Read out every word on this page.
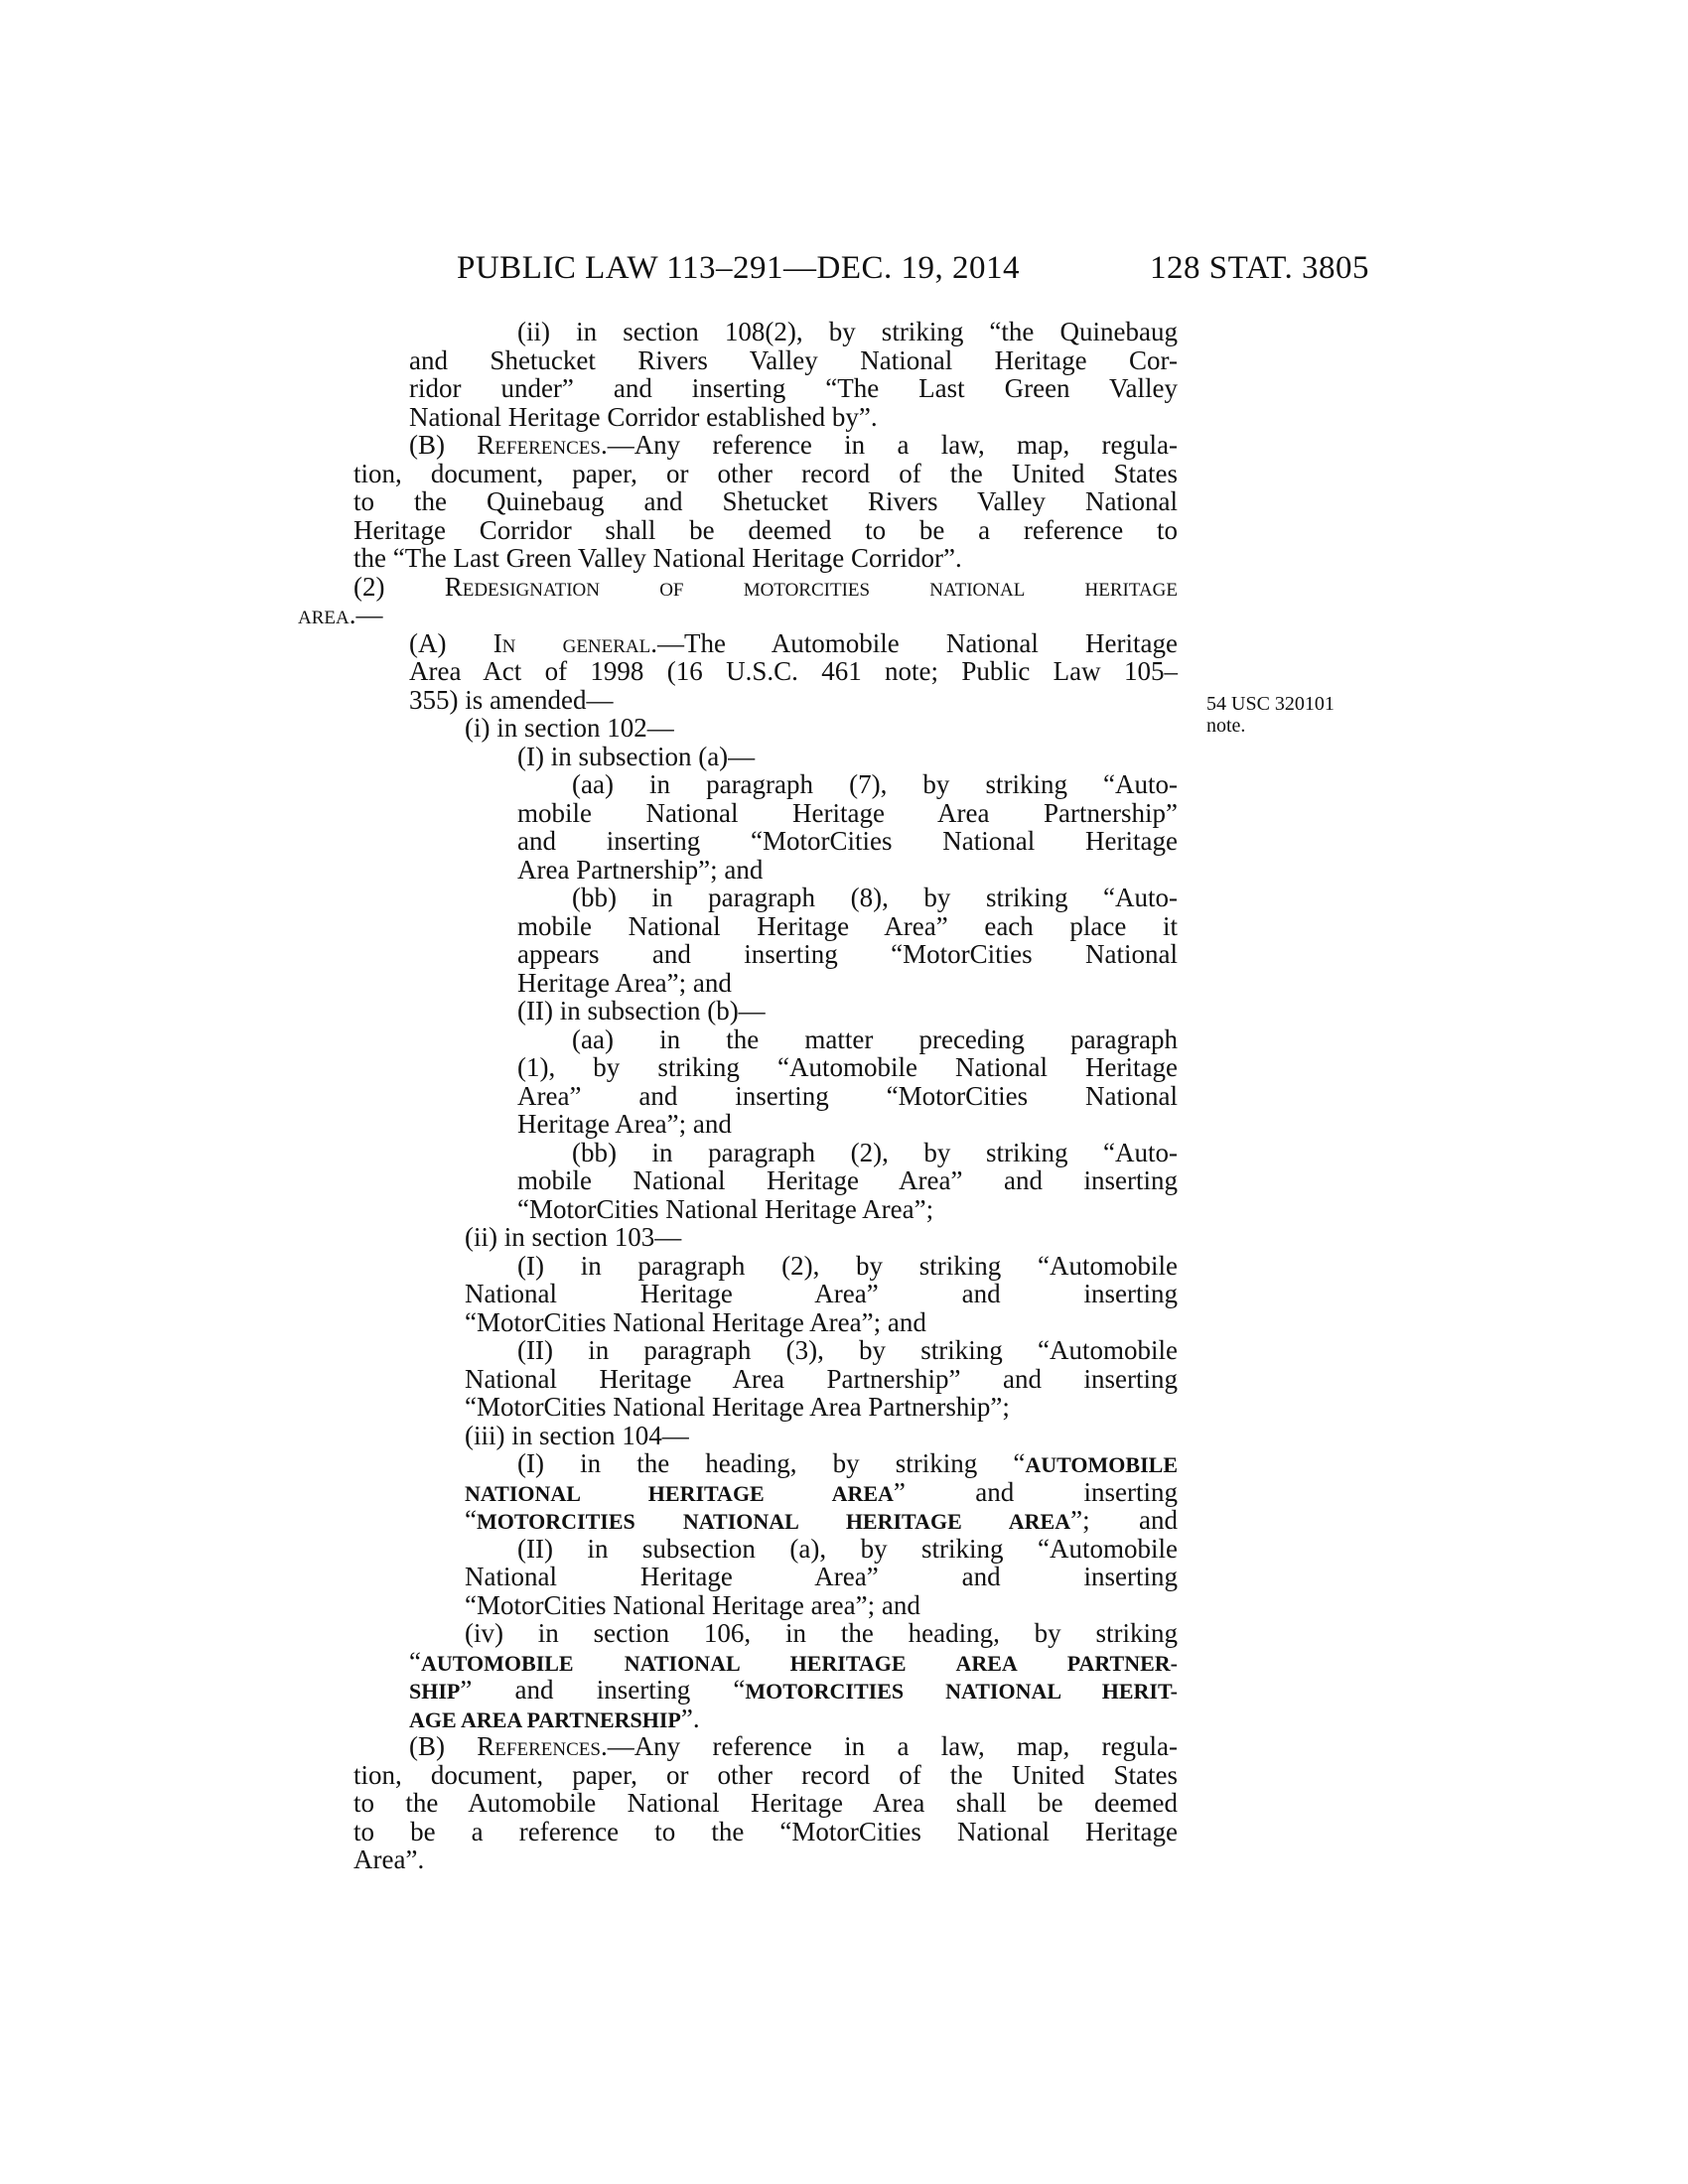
PUBLIC LAW 113–291—DEC. 19, 2014	128 STAT. 3805
(ii) in section 108(2), by striking “the Quinebaug
and Shetucket Rivers Valley National Heritage Cor-
ridor under” and inserting “The Last Green Valley
National Heritage Corridor established by”.
(B) References.—Any reference in a law, map, regula-
tion, document, paper, or other record of the United States
to the Quinebaug and Shetucket Rivers Valley National
Heritage Corridor shall be deemed to be a reference to
the “The Last Green Valley National Heritage Corridor”.
(2) Redesignation of motorcities national heritage
area.—
(A) In general.—The Automobile National Heritage
Area Act of 1998 (16 U.S.C. 461 note; Public Law 105–
355) is amended—
(i) in section 102—
(I) in subsection (a)—
(aa) in paragraph (7), by striking “Auto-
mobile National Heritage Area Partnership”
and inserting “MotorCities National Heritage
Area Partnership”; and
(bb) in paragraph (8), by striking “Auto-
mobile National Heritage Area” each place it
appears and inserting “MotorCities National
Heritage Area”; and
(II) in subsection (b)—
(aa) in the matter preceding paragraph
(1), by striking “Automobile National Heritage
Area” and inserting “MotorCities National
Heritage Area”; and
(bb) in paragraph (2), by striking “Auto-
mobile National Heritage Area” and inserting
“MotorCities National Heritage Area”;
(ii) in section 103—
(I) in paragraph (2), by striking “Automobile
National Heritage Area” and inserting
“MotorCities National Heritage Area”; and
(II) in paragraph (3), by striking “Automobile
National Heritage Area Partnership” and inserting
“MotorCities National Heritage Area Partnership”;
(iii) in section 104—
(I) in the heading, by striking “AUTOMOBILE
NATIONAL HERITAGE AREA” and inserting
“MOTORCITIES NATIONAL HERITAGE AREA”; and
(II) in subsection (a), by striking “Automobile
National Heritage Area” and inserting
“MotorCities National Heritage area”; and
(iv) in section 106, in the heading, by striking
“AUTOMOBILE NATIONAL HERITAGE AREA PARTNER-
SHIP” and inserting “MOTORCITIES NATIONAL HERIT-
AGE AREA PARTNERSHIP”.
(B) References.—Any reference in a law, map, regula-
tion, document, paper, or other record of the United States
to the Automobile National Heritage Area shall be deemed
to be a reference to the “MotorCities National Heritage
Area”.
54 USC 320101
note.
